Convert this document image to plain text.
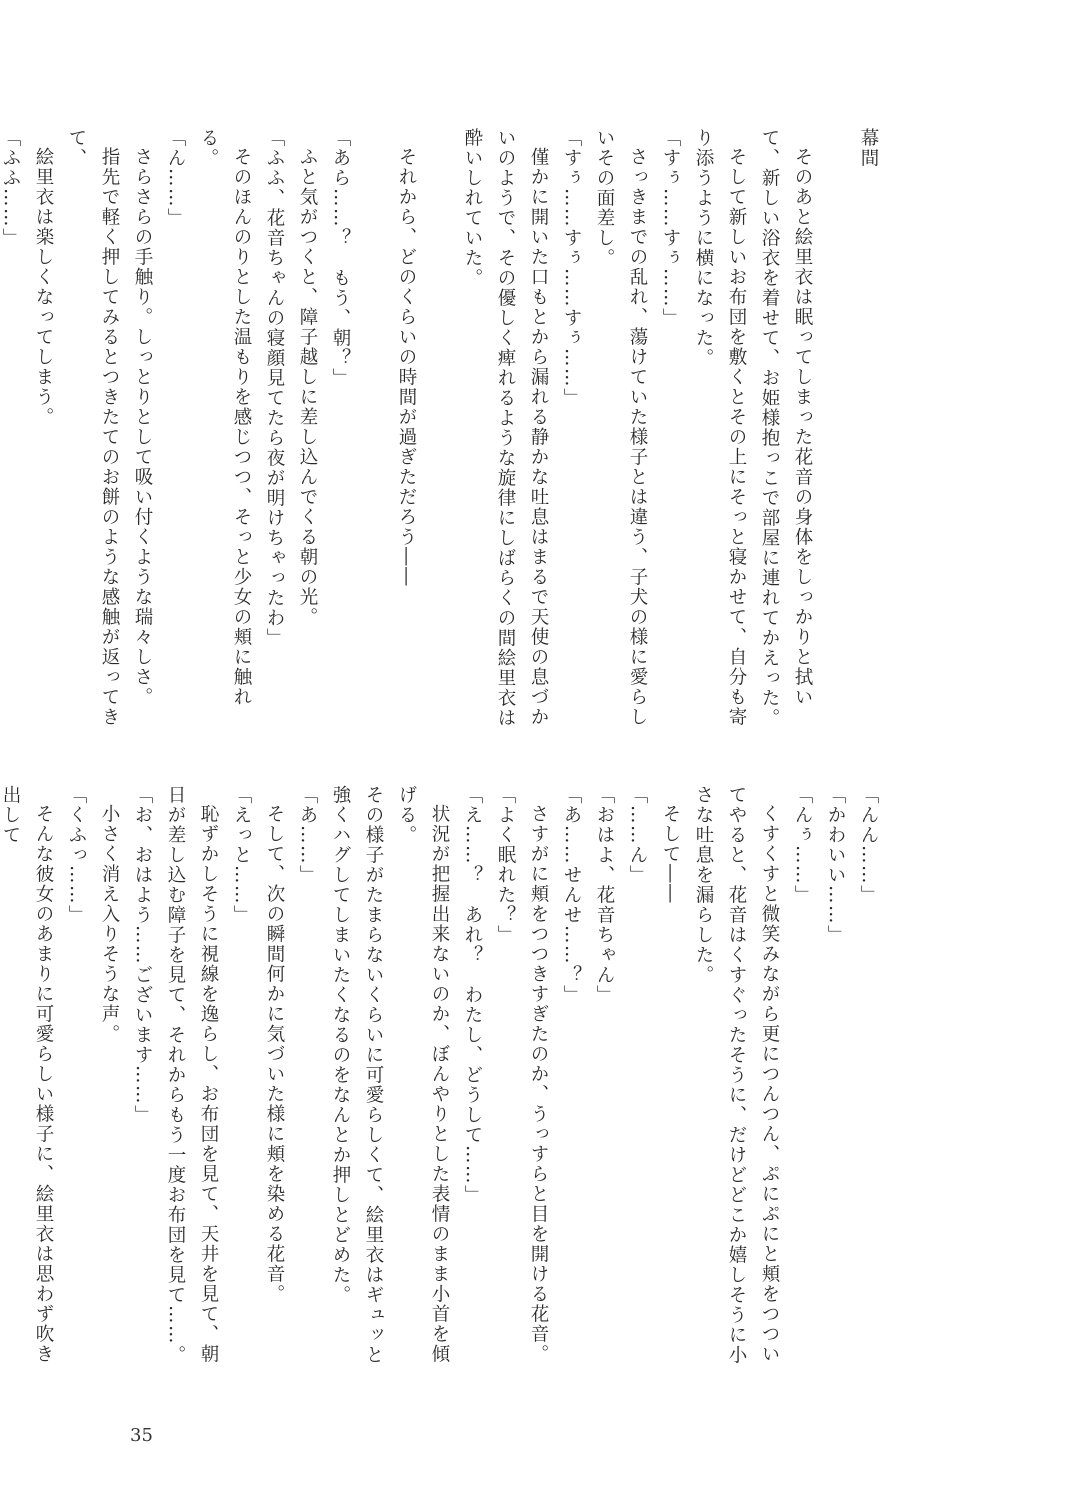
幕間

そのあと絵里衣は眠ってしまった花音の身体をしっかりと拭いて、新しい浴衣を着せて、お姫様抱っこで部屋に連れてかえった。

そして新しいお布団を敷くとその上にそっと寝かせて、自分も寄り添うように横になった。

「すぅ……すぅ……」

さっきまでの乱れ、蕩けていた様子とは違う、子犬の様に愛らしいその面差し。

「すぅ……すぅ……すぅ……」

僅かに開いた口もとから漏れる静かな吐息はまるで天使の息づかいのようで、その優しく痺れるような旋律にしばらくの間絵里衣は酔いしれていた。

それから、どのくらいの時間が過ぎただろう――

「あら……？　もう、朝？」

ふと気がつくと、障子越しに差し込んでくる朝の光。

「ふふ、花音ちゃんの寝顔見てたら夜が明けちゃったわ」

そのほんのりとした温もりを感じつつ、そっと少女の頬に触れる。

「ん……」

さらさらの手触り。しっとりとして吸い付くような瑞々しさ。

指先で軽く押してみるとつきたてのお餅のような感触が返ってきて、

絵里衣は楽しくなってしまう。

「ふふ……」

「んん……」

「かわいい……」

「んぅ……」

くすくすと微笑みながら更につんつん、ぷにぷにと頬をつついてやると、花音はくすぐったそうに、だけどどこか嬉しそうに小さな吐息を漏らした。

そして――

「……ん」

「おはよ、花音ちゃん」

「あ……せんせ……？」

さすがに頬をつつきすぎたのか、うっすらと目を開ける花音。

「よく眠れた？」

「え……？　あれ？　わたし、どうして……」

状況が把握出来ないのか、ぼんやりとした表情のまま小首を傾げる。

その様子がたまらないくらいに可愛らしくて、絵里衣はギュッと強くハグしてしまいたくなるのをなんとか押しとどめた。

「あ……」

そして、次の瞬間何かに気づいた様に頬を染める花音。

「えっと……」

恥ずかしそうに視線を逸らし、お布団を見て、天井を見て、朝日が差し込む障子を見て、それからもう一度お布団を見て……。

「お、おはよう……ございます……」

小さく消え入りそうな声。

「くふっ……」

そんな彼女のあまりに可愛らしい様子に、絵里衣は思わず吹き出して

35
